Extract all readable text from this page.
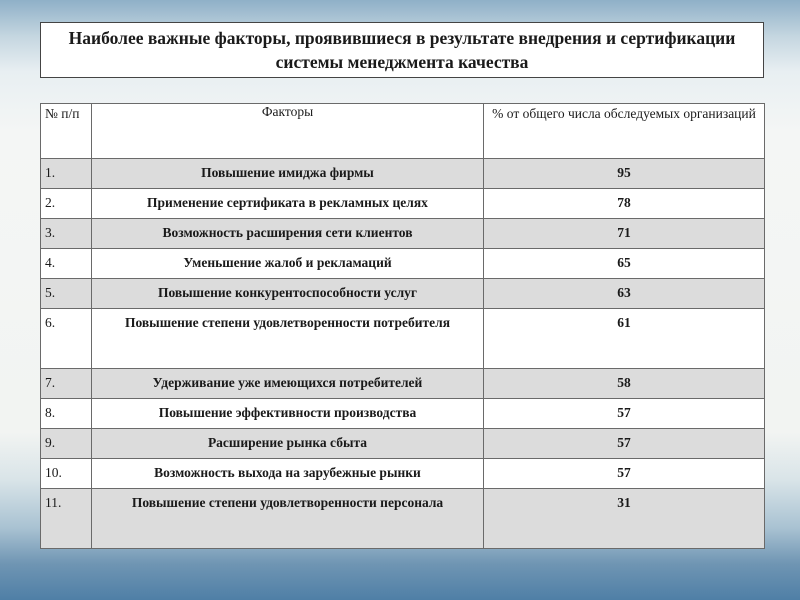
Наиболее важные факторы, проявившиеся в результате внедрения и сертификации системы менеджмента качества
№ п/п	Факторы	% от общего числа обследуемых организаций
1.	Повышение имиджа фирмы	95
2.	Применение сертификата в рекламных целях	78
3.	Возможность расширения сети клиентов	71
4.	Уменьшение жалоб и рекламаций	65
5.	Повышение конкурентоспособности услуг	63
6.	Повышение степени удовлетворенности потребителя	61
7.	Удерживание уже имеющихся потребителей	58
8.	Повышение эффективности производства	57
9.	Расширение рынка сбыта	57
10.	Возможность выхода на зарубежные рынки	57
11.	Повышение степени удовлетворенности персонала	31
